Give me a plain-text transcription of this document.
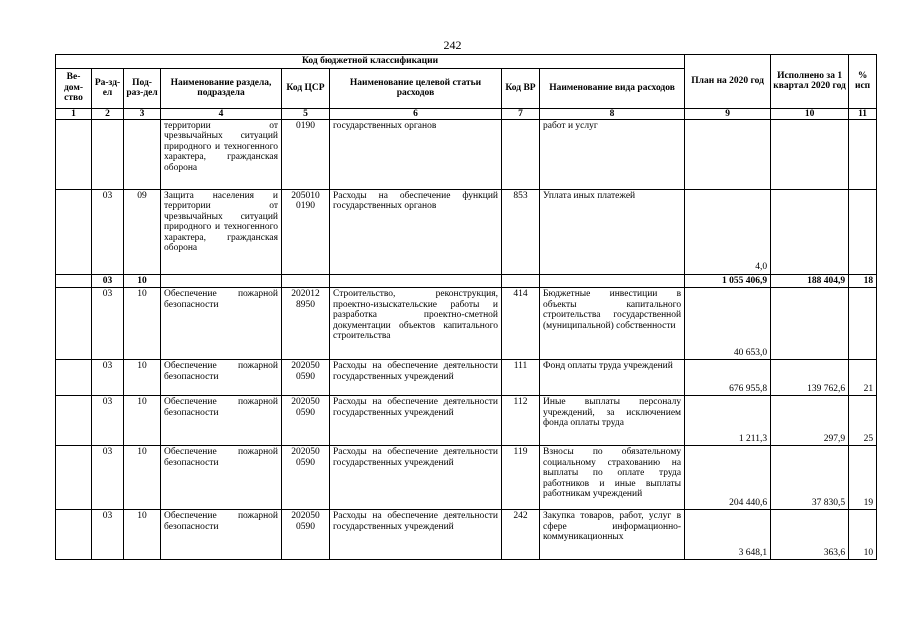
242
Код бюджетной классификации								План на 2020 год	Исполнено за 1 квартал 2020 год	% исп
Ве-дом-ство	Ра-зд-ел	Под-раз-дел	Наименование раздела, подраздела	Код ЦСР	Наименование целевой статьи расходов	Код ВР	Наименование вида расходов			
1	2	3	4	5	6	7	8	9	10	11
			территории от чрезвычайных ситуаций природного и техногенного характера, гражданская оборона	0190	государственных органов		работ и услуг			
	03	09	Защита населения и территории от чрезвычайных ситуаций природного и техногенного характера, гражданская оборона	205010 0190	Расходы на обеспечение функций государственных органов	853	Уплата иных платежей	4,0		
	03	10						1 055 406,9	188 404,9	18
	03	10	Обеспечение пожарной безопасности	202012 8950	Строительство, реконструкция, проектно-изыскательские работы и разработка проектно-сметной документации объектов капитального строительства	414	Бюджетные инвестиции в объекты капитального строительства государственной (муниципальной) собственности	40 653,0		
	03	10	Обеспечение пожарной безопасности	202050 0590	Расходы на обеспечение деятельности государственных учреждений	111	Фонд оплаты труда учреждений	676 955,8	139 762,6	21
	03	10	Обеспечение пожарной безопасности	202050 0590	Расходы на обеспечение деятельности государственных учреждений	112	Иные выплаты персоналу учреждений, за исключением фонда оплаты труда	1 211,3	297,9	25
	03	10	Обеспечение пожарной безопасности	202050 0590	Расходы на обеспечение деятельности государственных учреждений	119	Взносы по обязательному социальному страхованию на выплаты по оплате труда работников и иные выплаты работникам учреждений	204 440,6	37 830,5	19
	03	10	Обеспечение пожарной безопасности	202050 0590	Расходы на обеспечение деятельности государственных учреждений	242	Закупка товаров, работ, услуг в сфере информационно-коммуникационных	3 648,1	363,6	10
